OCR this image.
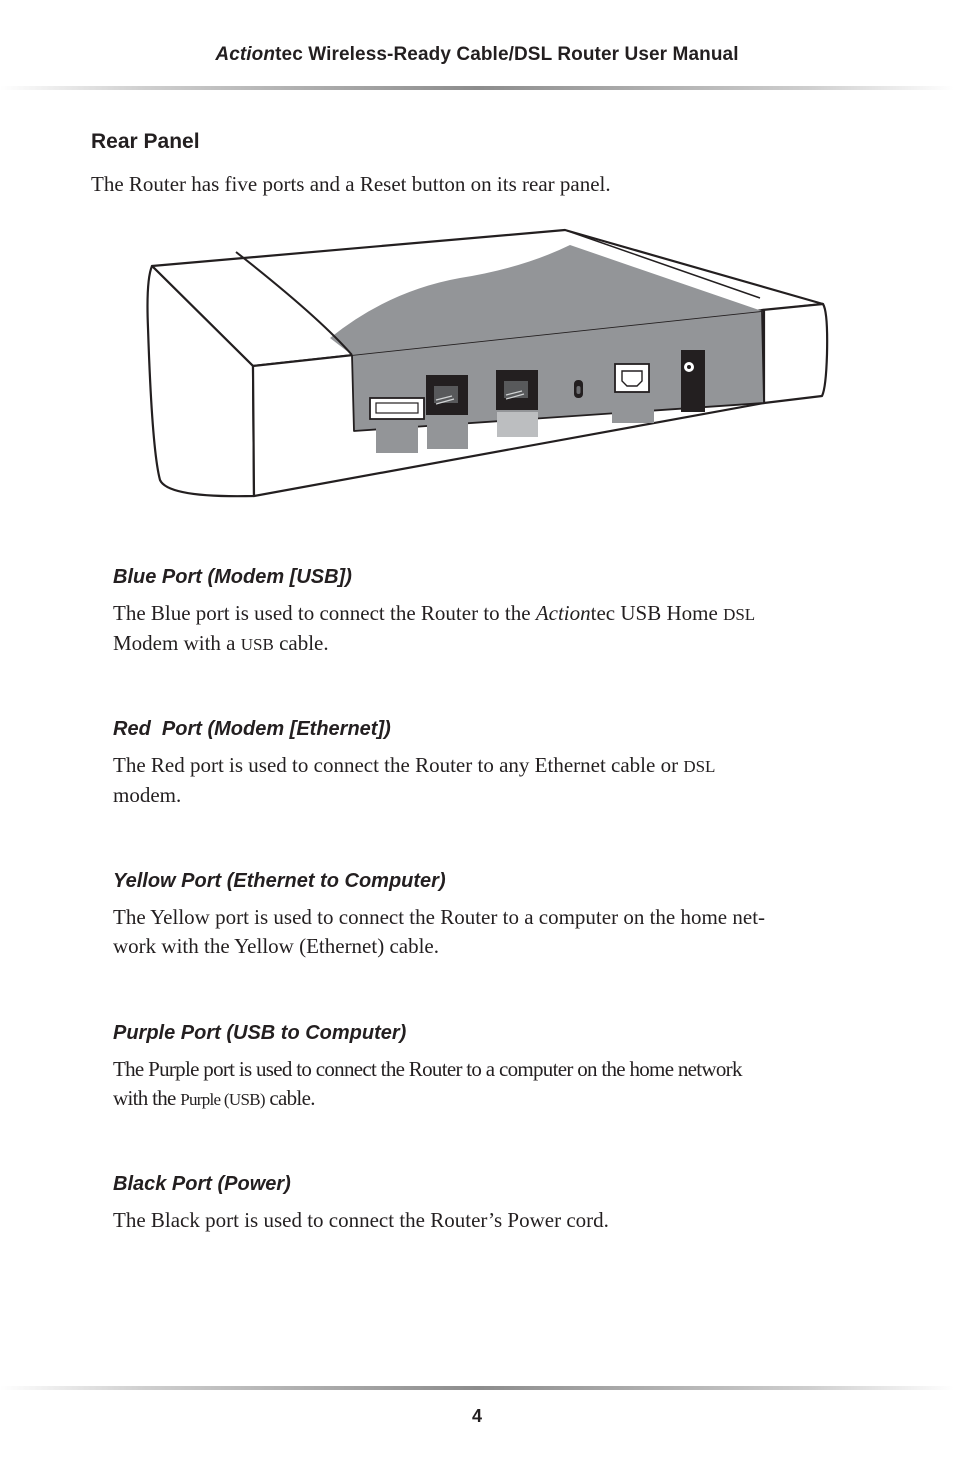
Actiontec Wireless-Ready Cable/DSL Router User Manual
Rear Panel
The Router has five ports and a Reset button on its rear panel.
Blue Port (Modem [USB])

The Blue port is used to connect the Router to the Actiontec USB Home DSL
Modem with a USB cable.

Red  Port (Modem [Ethernet])

The Red port is used to connect the Router to any Ethernet cable or DSL
modem.

Yellow Port (Ethernet to Computer)

The Yellow port is used to connect the Router to a computer on the home net-
work with the Yellow (Ethernet) cable.

Purple Port (USB to Computer)

The Purple port is used to connect the Router to a computer on the home network
with the Purple (USB) cable.

Black Port (Power)

The Black port is used to connect the Router’s Power cord.

4
